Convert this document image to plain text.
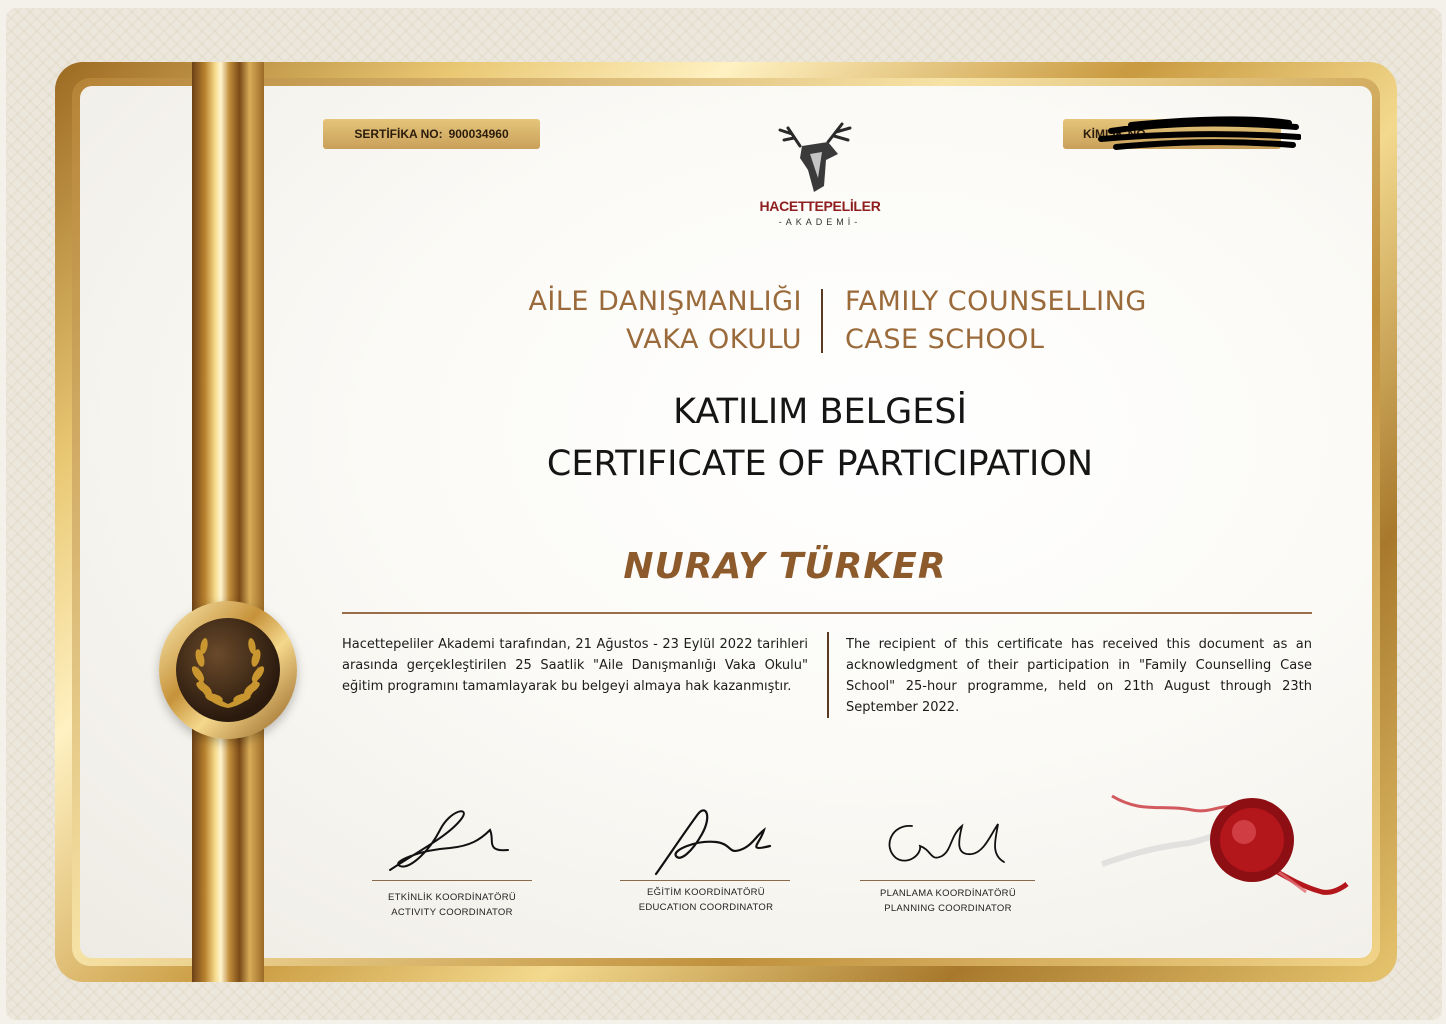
SERTİFİKA NO: 900034960	KİMLİK NO
HACETTEPELİLER
-AKADEMİ-
AİLE DANIŞMANLIĞI
VAKA OKULU
FAMILY COUNSELLING
CASE SCHOOL
KATILIM BELGESİ
CERTIFICATE OF PARTICIPATION
NURAY TÜRKER
Hacettepeliler Akademi tarafından, 21 Ağustos - 23 Eylül 2022 tarihleri arasında gerçekleştirilen 25 Saatlik "Aile Danışmanlığı Vaka Okulu" eğitim programını tamamlayarak bu belgeyi almaya hak kazanmıştır.
The recipient of this certificate has received this document as an acknowledgment of their participation in "Family Counselling Case School" 25-hour programme, held on 21th August through 23th September 2022.
ETKİNLİK KOORDİNATÖRÜ
ACTIVITY COORDINATOR
EĞİTİM KOORDİNATÖRÜ
EDUCATION COORDINATOR
PLANLAMA KOORDİNATÖRÜ
PLANNING COORDINATOR
